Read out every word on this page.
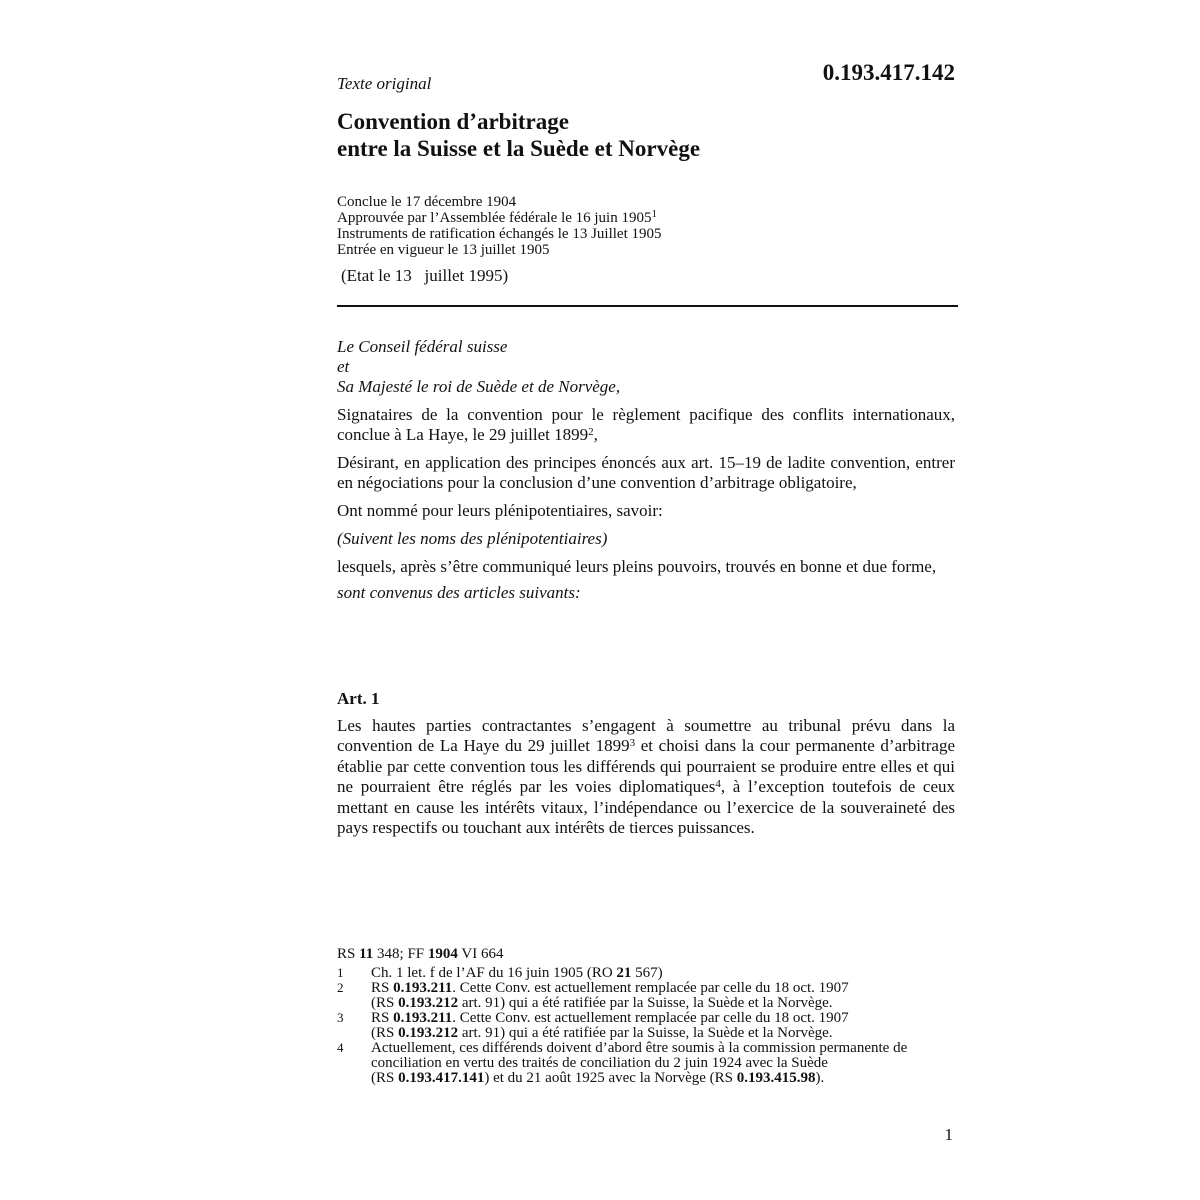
Texte original	0.193.417.142
Convention d’arbitrage
entre la Suisse et la Suède et Norvège
Conclue le 17 décembre 1904
Approuvée par l’Assemblée fédérale le 16 juin 1905$^1$
Instruments de ratification échangés le 13 Juillet 1905
Entrée en vigueur le 13 juillet 1905
(Etat le 13   juillet 1995)

Le Conseil fédéral suisse

et

Sa Majesté le roi de Suède et de Norvège,

Signataires de la convention pour le règlement pacifique des conflits internationaux, conclue à La Haye, le 29 juillet 1899$^2$,

Désirant, en application des principes énoncés aux art. 15–19 de ladite convention, entrer en négociations pour la conclusion d’une convention d’arbitrage obligatoire,

Ont nommé pour leurs plénipotentiaires, savoir:

(Suivent les noms des plénipotentiaires)

lesquels, après s’être communiqué leurs pleins pouvoirs, trouvés en bonne et due forme,

sont convenus des articles suivants:

Art. 1

Les hautes parties contractantes s’engagent à soumettre au tribunal prévu dans la convention de La Haye du 29 juillet 1899$^3$ et choisi dans la cour permanente d’arbitrage établie par cette convention tous les différends qui pourraient se produire entre elles et qui ne pourraient être réglés par les voies diplomatiques$^4$, à l’exception toutefois de ceux mettant en cause les intérêts vitaux, l’indépendance ou l’exercice de la souveraineté des pays respectifs ou touchant aux intérêts de tierces puissances.

RS 11 348; FF 1904 VI 664
1	Ch. 1 let. f de l’AF du 16 juin 1905 (RO 21 567)
2	RS 0.193.211. Cette Conv. est actuellement remplacée par celle du 18 oct. 1907
(RS 0.193.212 art. 91) qui a été ratifiée par la Suisse, la Suède et la Norvège.
3	RS 0.193.211. Cette Conv. est actuellement remplacée par celle du 18 oct. 1907
(RS 0.193.212 art. 91) qui a été ratifiée par la Suisse, la Suède et la Norvège.
4	Actuellement, ces différends doivent d’abord être soumis à la commission permanente de conciliation en vertu des traités de conciliation du 2 juin 1924 avec la Suède
(RS 0.193.417.141) et du 21 août 1925 avec la Norvège (RS 0.193.415.98).
1
